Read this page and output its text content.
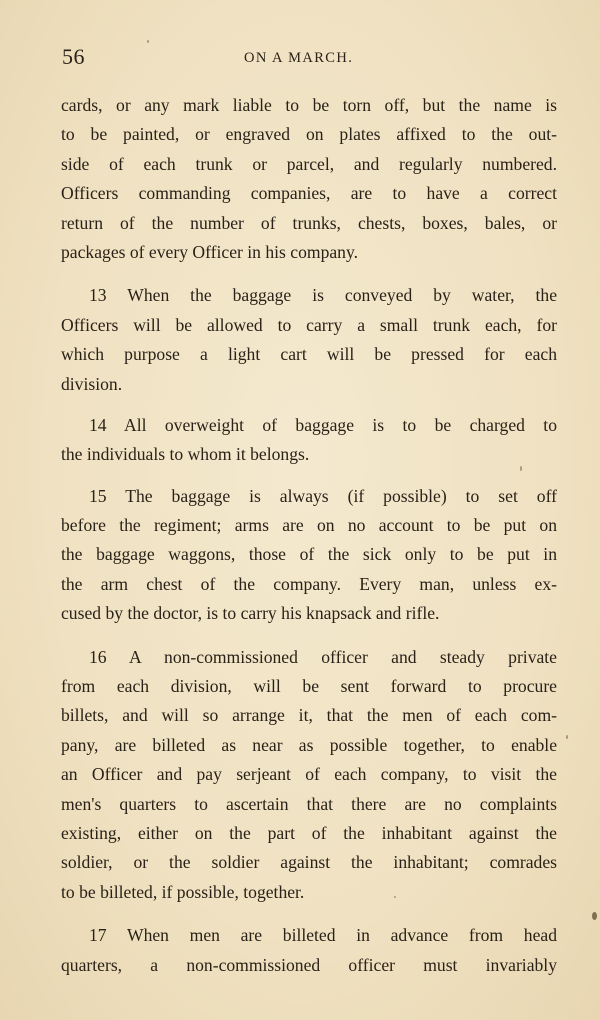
56	ON A MARCH.

cards, or any mark liable to be torn off, but the name is
to be painted, or engraved on plates affixed to the out-
side of each trunk or parcel, and regularly numbered.
Officers commanding companies, are to have a correct
return of the number of trunks, chests, boxes, bales, or
packages of every Officer in his company.

13 When the baggage is conveyed by water, the
Officers will be allowed to carry a small trunk each, for
which purpose a light cart will be pressed for each
division.

14 All overweight of baggage is to be charged to
the individuals to whom it belongs.

15 The baggage is always (if possible) to set off
before the regiment; arms are on no account to be put on
the baggage waggons, those of the sick only to be put in
the arm chest of the company. Every man, unless ex-
cused by the doctor, is to carry his knapsack and rifle.

16 A non-commissioned officer and steady private
from each division, will be sent forward to procure
billets, and will so arrange it, that the men of each com-
pany, are billeted as near as possible together, to enable
an Officer and pay serjeant of each company, to visit the
men's quarters to ascertain that there are no complaints
existing, either on the part of the inhabitant against the
soldier, or the soldier against the inhabitant; comrades
to be billeted, if possible, together.

17 When men are billeted in advance from head
quarters, a non-commissioned officer must invariably
